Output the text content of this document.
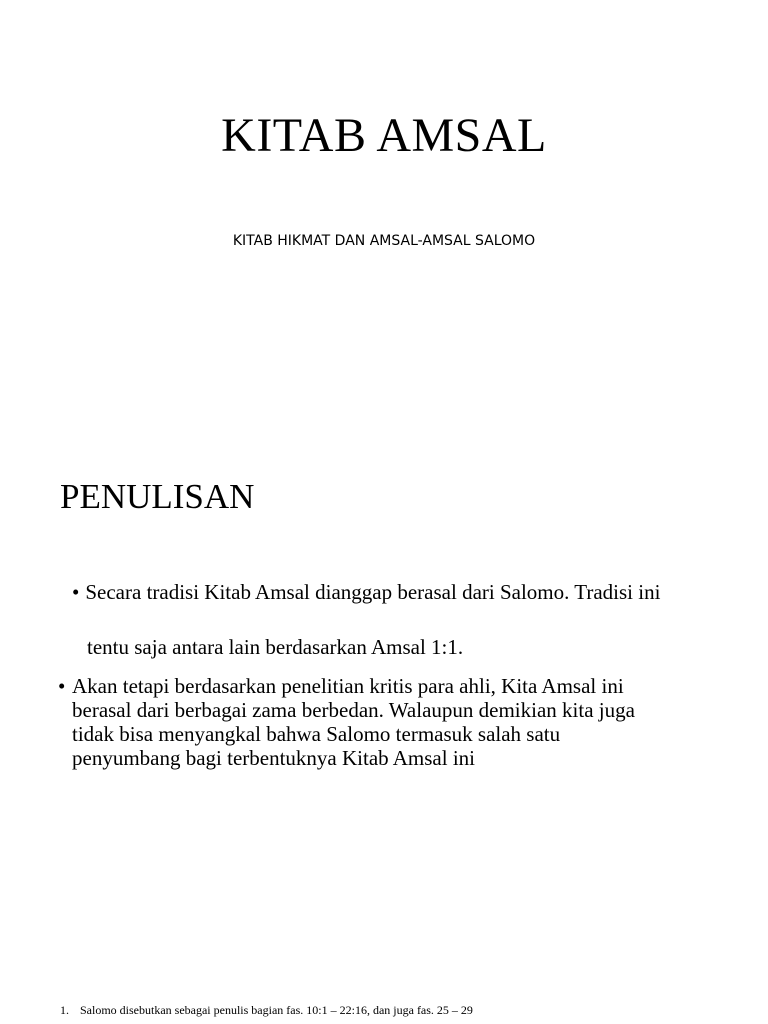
KITAB AMSAL
KITAB HIKMAT DAN AMSAL-AMSAL SALOMO
PENULISAN
• Secara tradisi Kitab Amsal dianggap berasal dari Salomo. Tradisi ini
tentu saja antara lain berdasarkan Amsal 1:1.
• Akan tetapi berdasarkan penelitian kritis para ahli, Kita Amsal ini
berasal dari berbagai zama berbedan. Walaupun demikian kita juga
tidak bisa menyangkal bahwa Salomo termasuk salah satu
penyumbang bagi terbentuknya Kitab Amsal ini
1. Salomo disebutkan sebagai penulis bagian fas. 10:1 – 22:16, dan juga fas. 25 – 29
